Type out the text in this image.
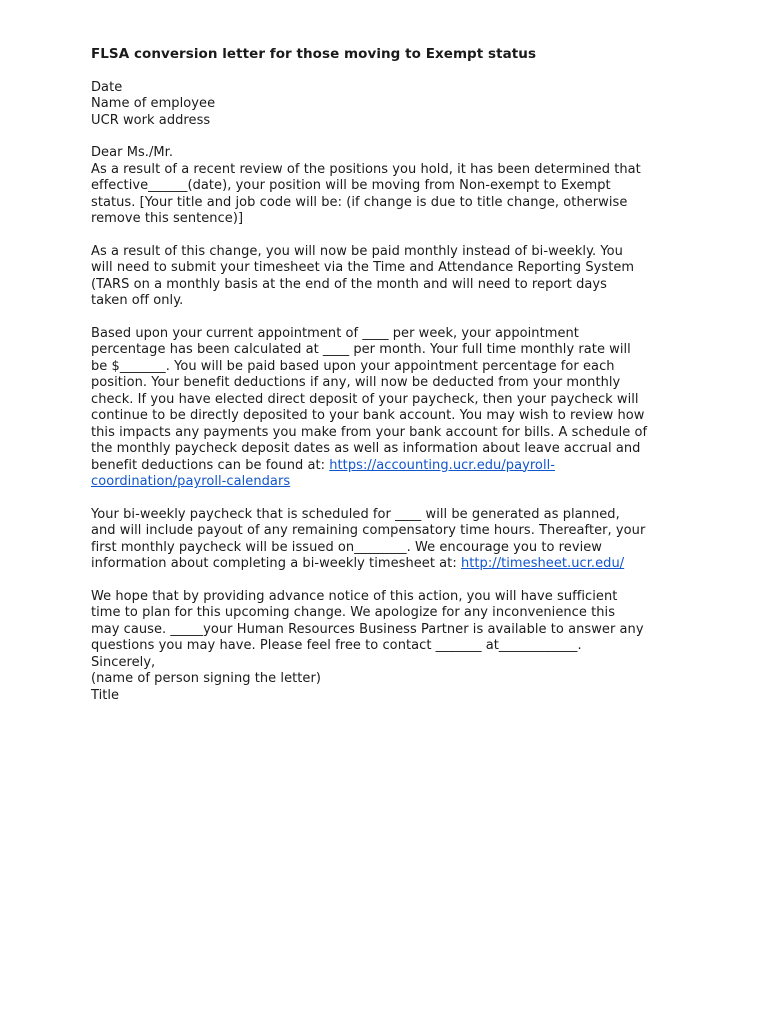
FLSA conversion letter for those moving to Exempt status
Date
Name of employee
UCR work address
Dear Ms./Mr.
As a result of a recent review of the positions you hold, it has been determined that
effective______(date), your position will be moving from Non-exempt to Exempt
status. [Your title and job code will be: (if change is due to title change, otherwise
remove this sentence)]
As a result of this change, you will now be paid monthly instead of bi-weekly. You
will need to submit your timesheet via the Time and Attendance Reporting System
(TARS on a monthly basis at the end of the month and will need to report days
taken off only.
Based upon your current appointment of ____ per week, your appointment
percentage has been calculated at ____ per month. Your full time monthly rate will
be $_______. You will be paid based upon your appointment percentage for each
position. Your benefit deductions if any, will now be deducted from your monthly
check. If you have elected direct deposit of your paycheck, then your paycheck will
continue to be directly deposited to your bank account. You may wish to review how
this impacts any payments you make from your bank account for bills. A schedule of
the monthly paycheck deposit dates as well as information about leave accrual and
benefit deductions can be found at: https://accounting.ucr.edu/payroll-
coordination/payroll-calendars
Your bi-weekly paycheck that is scheduled for ____ will be generated as planned,
and will include payout of any remaining compensatory time hours. Thereafter, your
first monthly paycheck will be issued on________. We encourage you to review
information about completing a bi-weekly timesheet at: http://timesheet.ucr.edu/
We hope that by providing advance notice of this action, you will have sufficient
time to plan for this upcoming change. We apologize for any inconvenience this
may cause. _____your Human Resources Business Partner is available to answer any
questions you may have. Please feel free to contact _______ at____________.
Sincerely,
(name of person signing the letter)
Title
